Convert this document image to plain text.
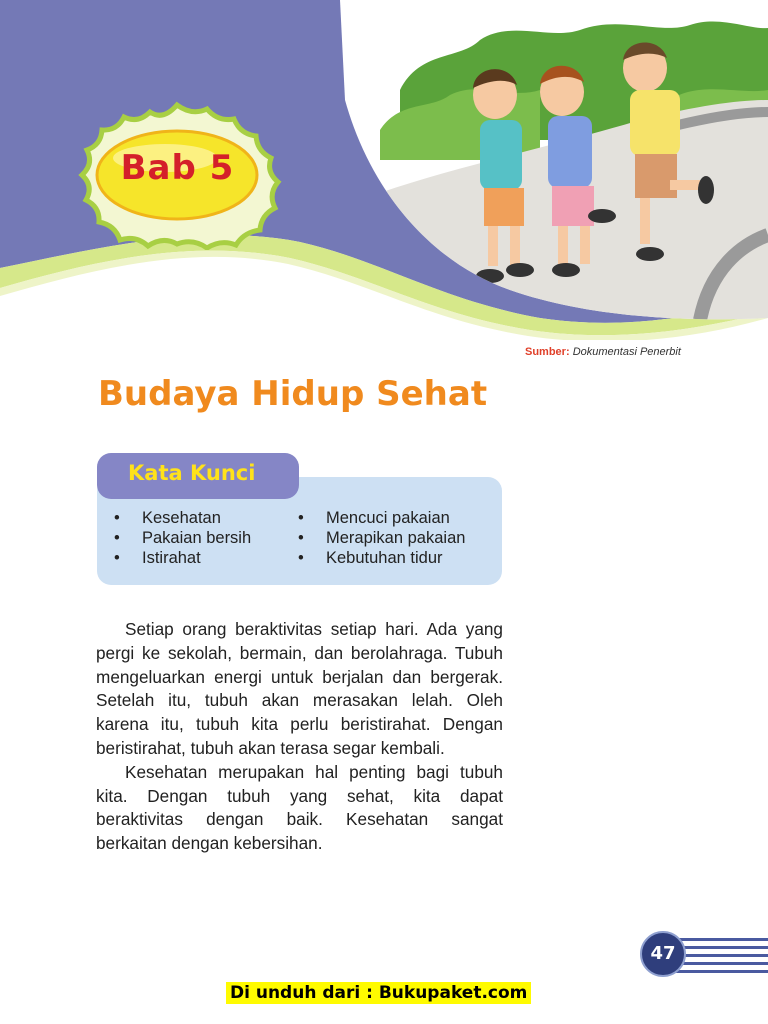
Bab 5
Sumber: Dokumentasi Penerbit
Budaya Hidup Sehat
Kata Kunci
• Kesehatan
• Pakaian bersih
• Istirahat
• Mencuci pakaian
• Merapikan pakaian
• Kebutuhan tidur

Setiap orang beraktivitas setiap hari. Ada yang pergi ke sekolah, bermain, dan berolahraga. Tubuh mengeluarkan energi untuk berjalan dan bergerak. Setelah itu, tubuh akan merasakan lelah. Oleh karena itu, tubuh kita perlu beristirahat. Dengan beristirahat, tubuh akan terasa segar kembali.

Kesehatan merupakan hal penting bagi tubuh kita. Dengan tubuh yang sehat, kita dapat beraktivitas dengan baik. Kesehatan sangat berkaitan dengan kebersihan.

47
Di unduh dari : Bukupaket.com
